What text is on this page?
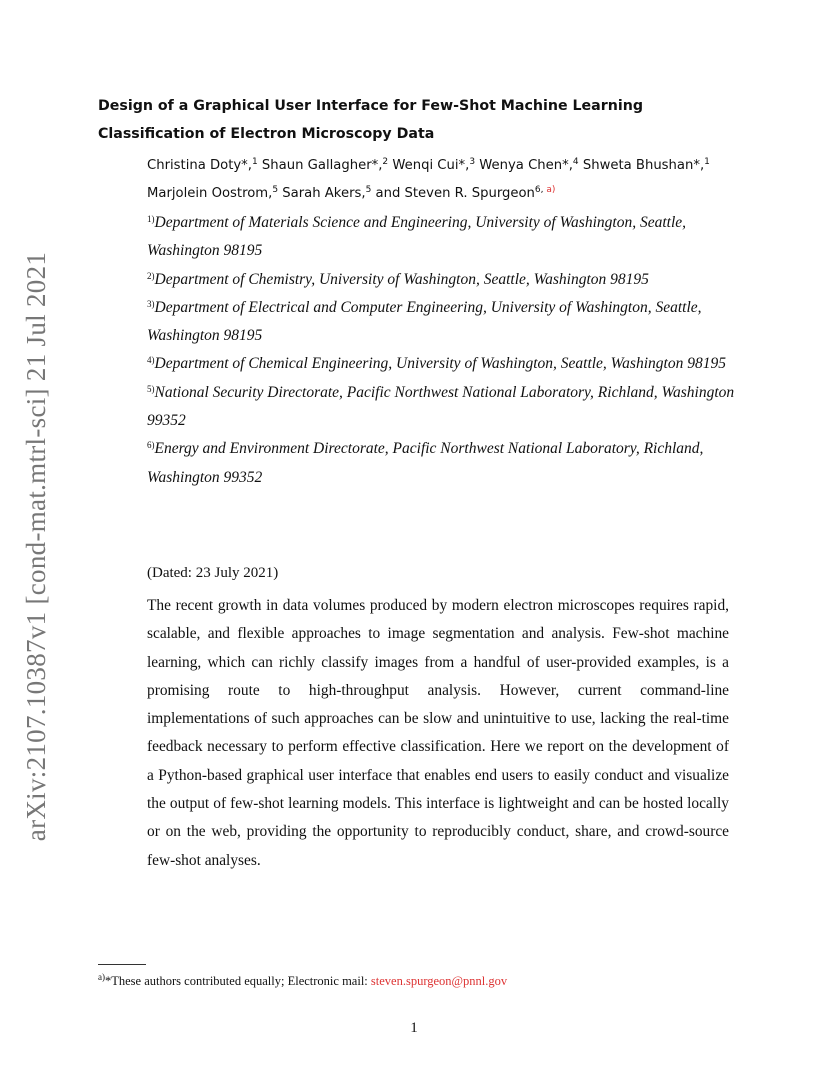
arXiv:2107.10387v1 [cond-mat.mtrl-sci] 21 Jul 2021
Design of a Graphical User Interface for Few-Shot Machine Learning Classification of Electron Microscopy Data
Christina Doty*,$^1$ Shaun Gallagher*,$^2$ Wenqi Cui*,$^3$ Wenya Chen*,$^4$ Shweta Bhushan*,$^1$
Marjolein Oostrom,$^5$ Sarah Akers,$^5$ and Steven R. Spurgeon$^{6, a)}$

$^{1)}$Department of Materials Science and Engineering, University of Washington, Seattle, Washington 98195

$^{2)}$Department of Chemistry, University of Washington, Seattle, Washington 98195

$^{3)}$Department of Electrical and Computer Engineering, University of Washington, Seattle, Washington 98195

$^{4)}$Department of Chemical Engineering, University of Washington, Seattle, Washington 98195

$^{5)}$National Security Directorate, Pacific Northwest National Laboratory, Richland, Washington 99352

$^{6)}$Energy and Environment Directorate, Pacific Northwest National Laboratory, Richland, Washington 99352

(Dated: 23 July 2021)

The recent growth in data volumes produced by modern electron microscopes requires rapid, scalable, and flexible approaches to image segmentation and analysis. Few-shot machine learning, which can richly classify images from a handful of user-provided examples, is a promising route to high-throughput analysis. However, current command-line implementations of such approaches can be slow and unintuitive to use, lacking the real-time feedback necessary to perform effective classification. Here we report on the development of a Python-based graphical user interface that enables end users to easily conduct and visualize the output of few-shot learning models. This interface is lightweight and can be hosted locally or on the web, providing the opportunity to reproducibly conduct, share, and crowd-source few-shot analyses.

$^{a)}$*These authors contributed equally; Electronic mail: steven.spurgeon@pnnl.gov
1
